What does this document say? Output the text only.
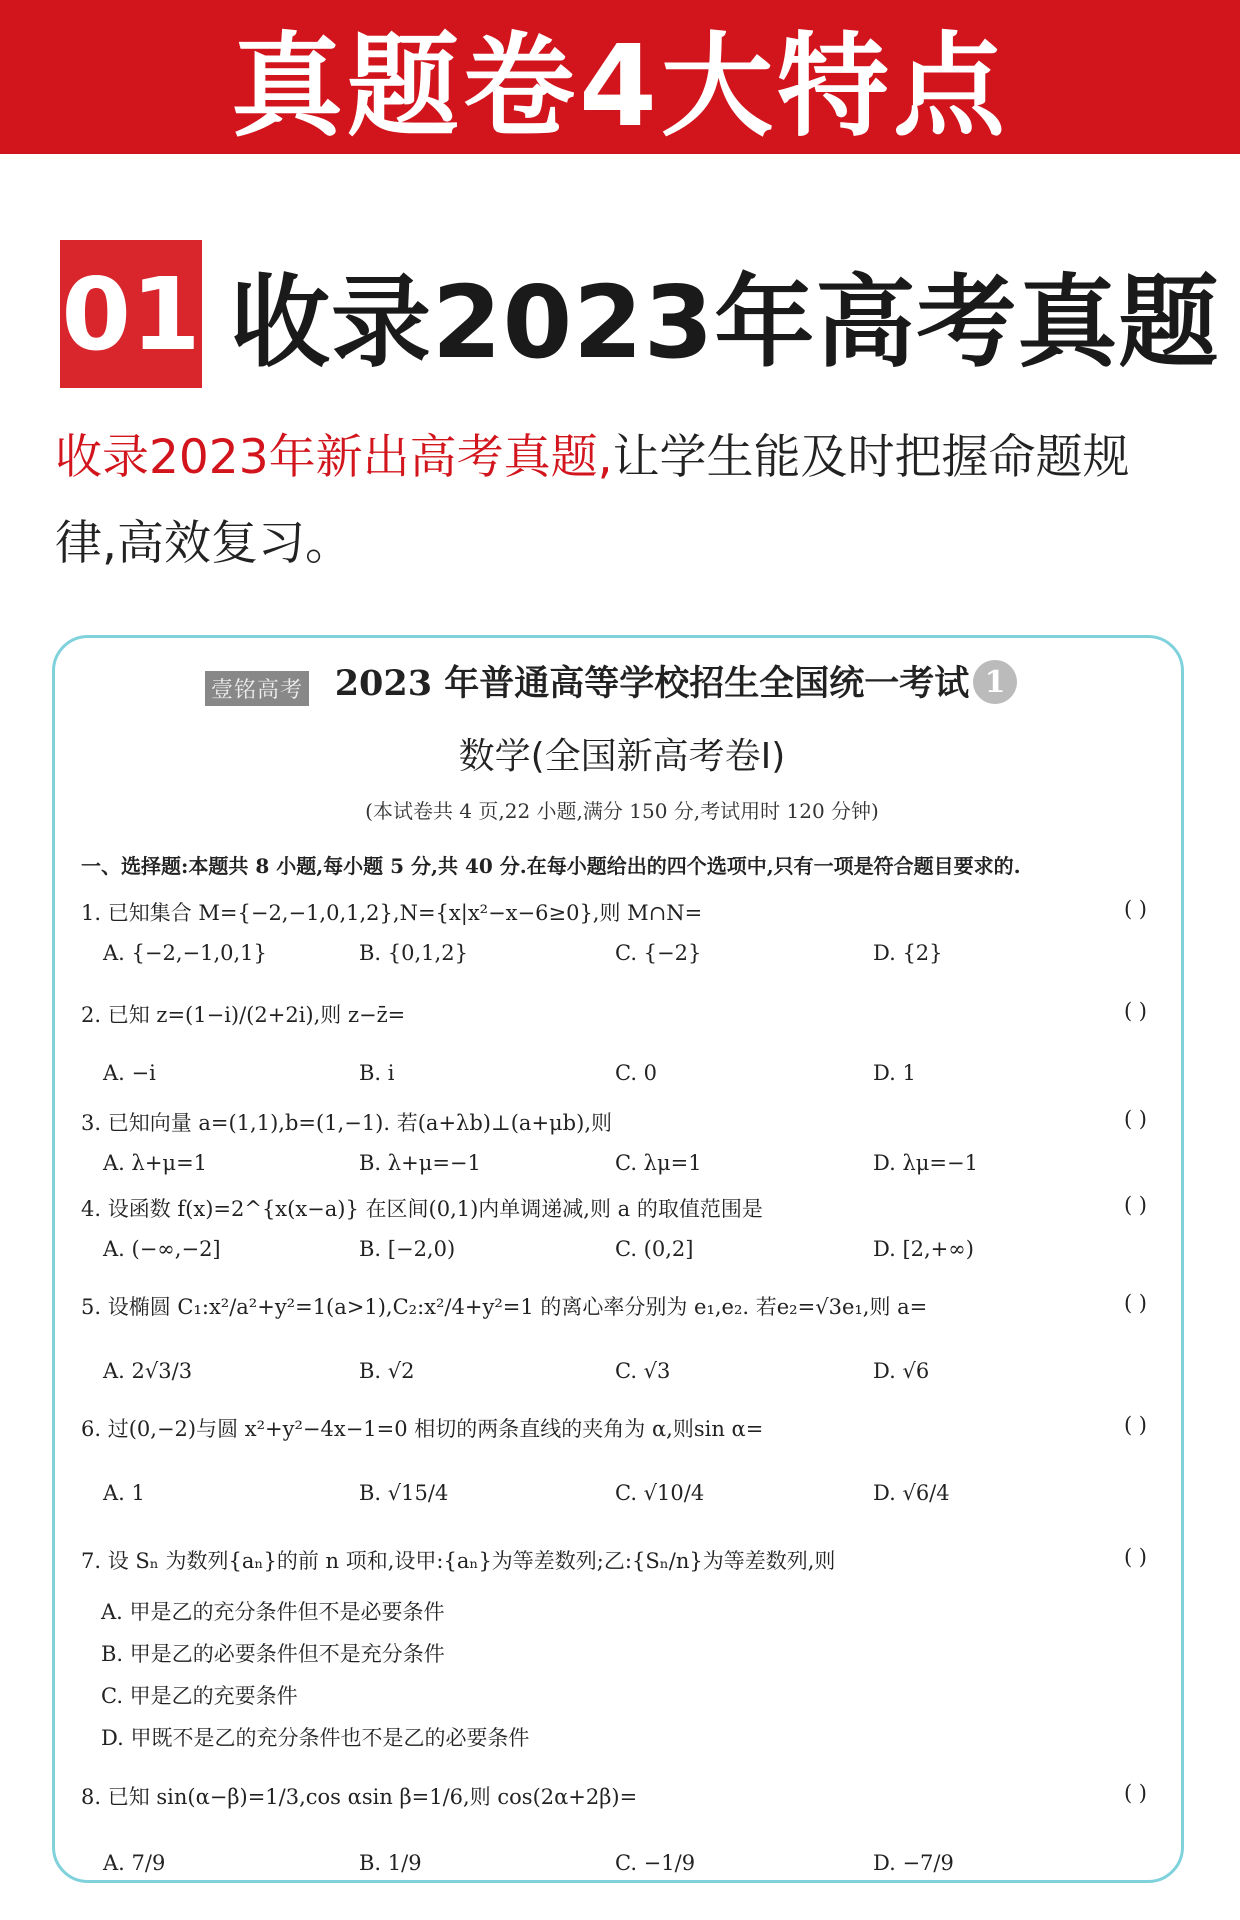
真题卷4大特点
01 收录2023年高考真题
收录2023年新出高考真题,让学生能及时把握命题规
律,高效复习。
壹铭高考 2023 年普通高等学校招生全国统一考试 1
数学(全国新高考卷Ⅰ)
(本试卷共 4 页,22 小题,满分 150 分,考试用时 120 分钟)
一、选择题:本题共 8 小题,每小题 5 分,共 40 分.在每小题给出的四个选项中,只有一项是符合题目要求的.
1. 已知集合 M={−2,−1,0,1,2},N={x|x²−x−6≥0},则 M∩N=	( )
A. {−2,−1,0,1}	B. {0,1,2}	C. {−2}	D. {2}
2. 已知 z=(1−i)/(2+2i),则 z−z̄=	( )
A. −i	B. i	C. 0	D. 1
3. 已知向量 a=(1,1),b=(1,−1). 若(a+λb)⊥(a+μb),则	( )
A. λ+μ=1	B. λ+μ=−1	C. λμ=1	D. λμ=−1
4. 设函数 f(x)=2^{x(x−a)} 在区间(0,1)内单调递减,则 a 的取值范围是	( )
A. (−∞,−2]	B. [−2,0)	C. (0,2]	D. [2,+∞)
5. 设椭圆 C₁:x²/a²+y²=1(a>1),C₂:x²/4+y²=1 的离心率分别为 e₁,e₂. 若e₂=√3e₁,则 a=	( )
A. 2√3/3	B. √2	C. √3	D. √6
6. 过(0,−2)与圆 x²+y²−4x−1=0 相切的两条直线的夹角为 α,则sin α=	( )
A. 1	B. √15/4	C. √10/4	D. √6/4
7. 设 Sₙ 为数列{aₙ}的前 n 项和,设甲:{aₙ}为等差数列;乙:{Sₙ/n}为等差数列,则	( )
A. 甲是乙的充分条件但不是必要条件
B. 甲是乙的必要条件但不是充分条件
C. 甲是乙的充要条件
D. 甲既不是乙的充分条件也不是乙的必要条件
8. 已知 sin(α−β)=1/3,cos αsin β=1/6,则 cos(2α+2β)=	( )
A. 7/9	B. 1/9	C. −1/9	D. −7/9
